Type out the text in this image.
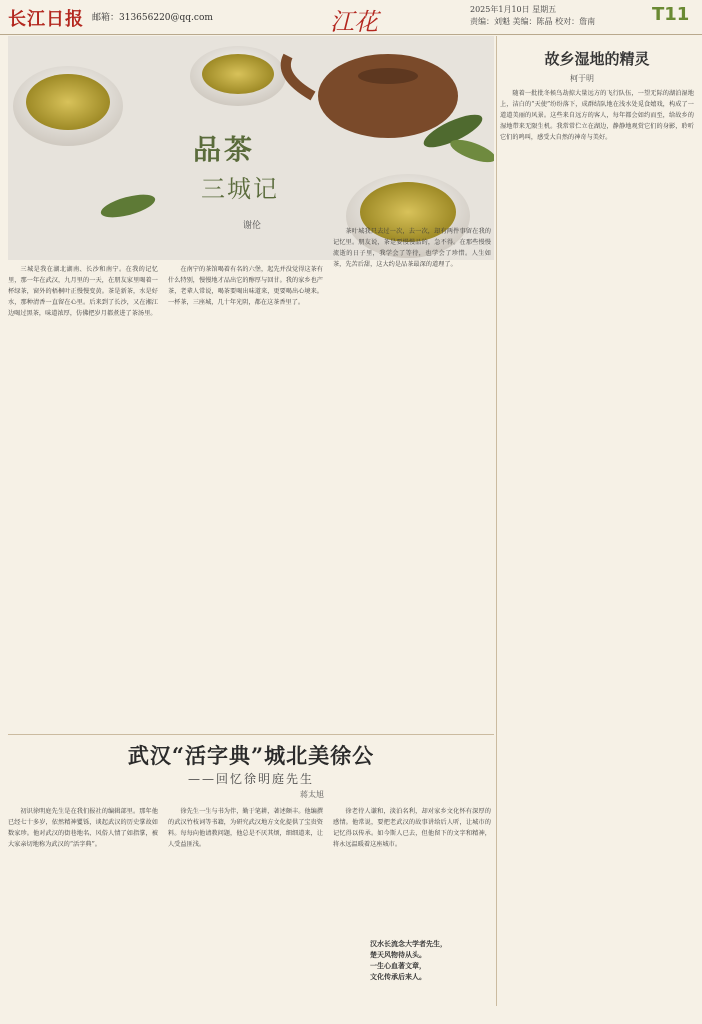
长江日报 邮箱：313656220@qq.com	江花	2025年1月10日 星期五
责编：刘魁 美编：陈晶 校对：詹南	T11
品茶
三城记
谢伦
故乡湿地的精灵
柯于明

随着一批批冬候鸟劫掠大量远方的飞行队伍，一望无际的湖泊湿地上，洁白的“天使”纷纷落下，成群结队地在浅水处觅食嬉戏，构成了一道道美丽的风景。这些来自远方的客人，每年都会如约而至，给故乡的湿地带来无限生机。我常常伫立在湖边，静静地观赏它们的身影，聆听它们的鸣叫，感受大自然的神奇与美好。

三城是我在湖北湖南、长沙和南宁。在我的记忆里，那一年在武汉，九月里的一天，在朋友家里喝着一杯绿茶，窗外的梧桐叶正慢慢变黄。茶是新茶，水是好水，那种清香一直留在心里。后来到了长沙，又在湘江边喝过黑茶，味道浓厚，仿佛把岁月都煮进了茶汤里。

在南宁的茶馆喝着有名的六堡，起先并没觉得这茶有什么特别，慢慢地才品出它的醇厚与回甘。我的家乡也产茶，老辈人常说，喝茶要喝出味道来，更要喝出心境来。一杯茶，三座城，几十年光阴，都在这茶香里了。

茶叶城我只去过一次，去一次，却有两件事留在我的记忆里。朋友说，茶是要慢慢品的，急不得。在那些慢慢流逝的日子里，我学会了等待，也学会了珍惜。人生如茶，先苦后甜，这大约是品茶最深的道理了。

武汉“活字典”城北美徐公
——回忆徐明庭先生
蒋太旭

初识徐明庭先生是在我们报社的编辑部里。那年他已经七十多岁，依然精神矍铄，谈起武汉的历史掌故如数家珍。他对武汉的街巷地名、风俗人情了如指掌，被大家亲切地称为武汉的“活字典”。

徐先生一生与书为伴，勤于笔耕，著述颇丰。他编撰的武汉竹枝词等书籍，为研究武汉地方文化提供了宝贵资料。每每向他请教问题，他总是不厌其烦，细细道来，让人受益匪浅。

徐老待人谦和，淡泊名利，却对家乡文化怀有深厚的感情。他常说，要把老武汉的故事讲给后人听，让城市的记忆得以传承。如今斯人已去，但他留下的文字和精神，将永远温暖着这座城市。

汉水长流念大学者先生，
楚天风物待从头。
一生心血著文章，
文化传承后来人。
